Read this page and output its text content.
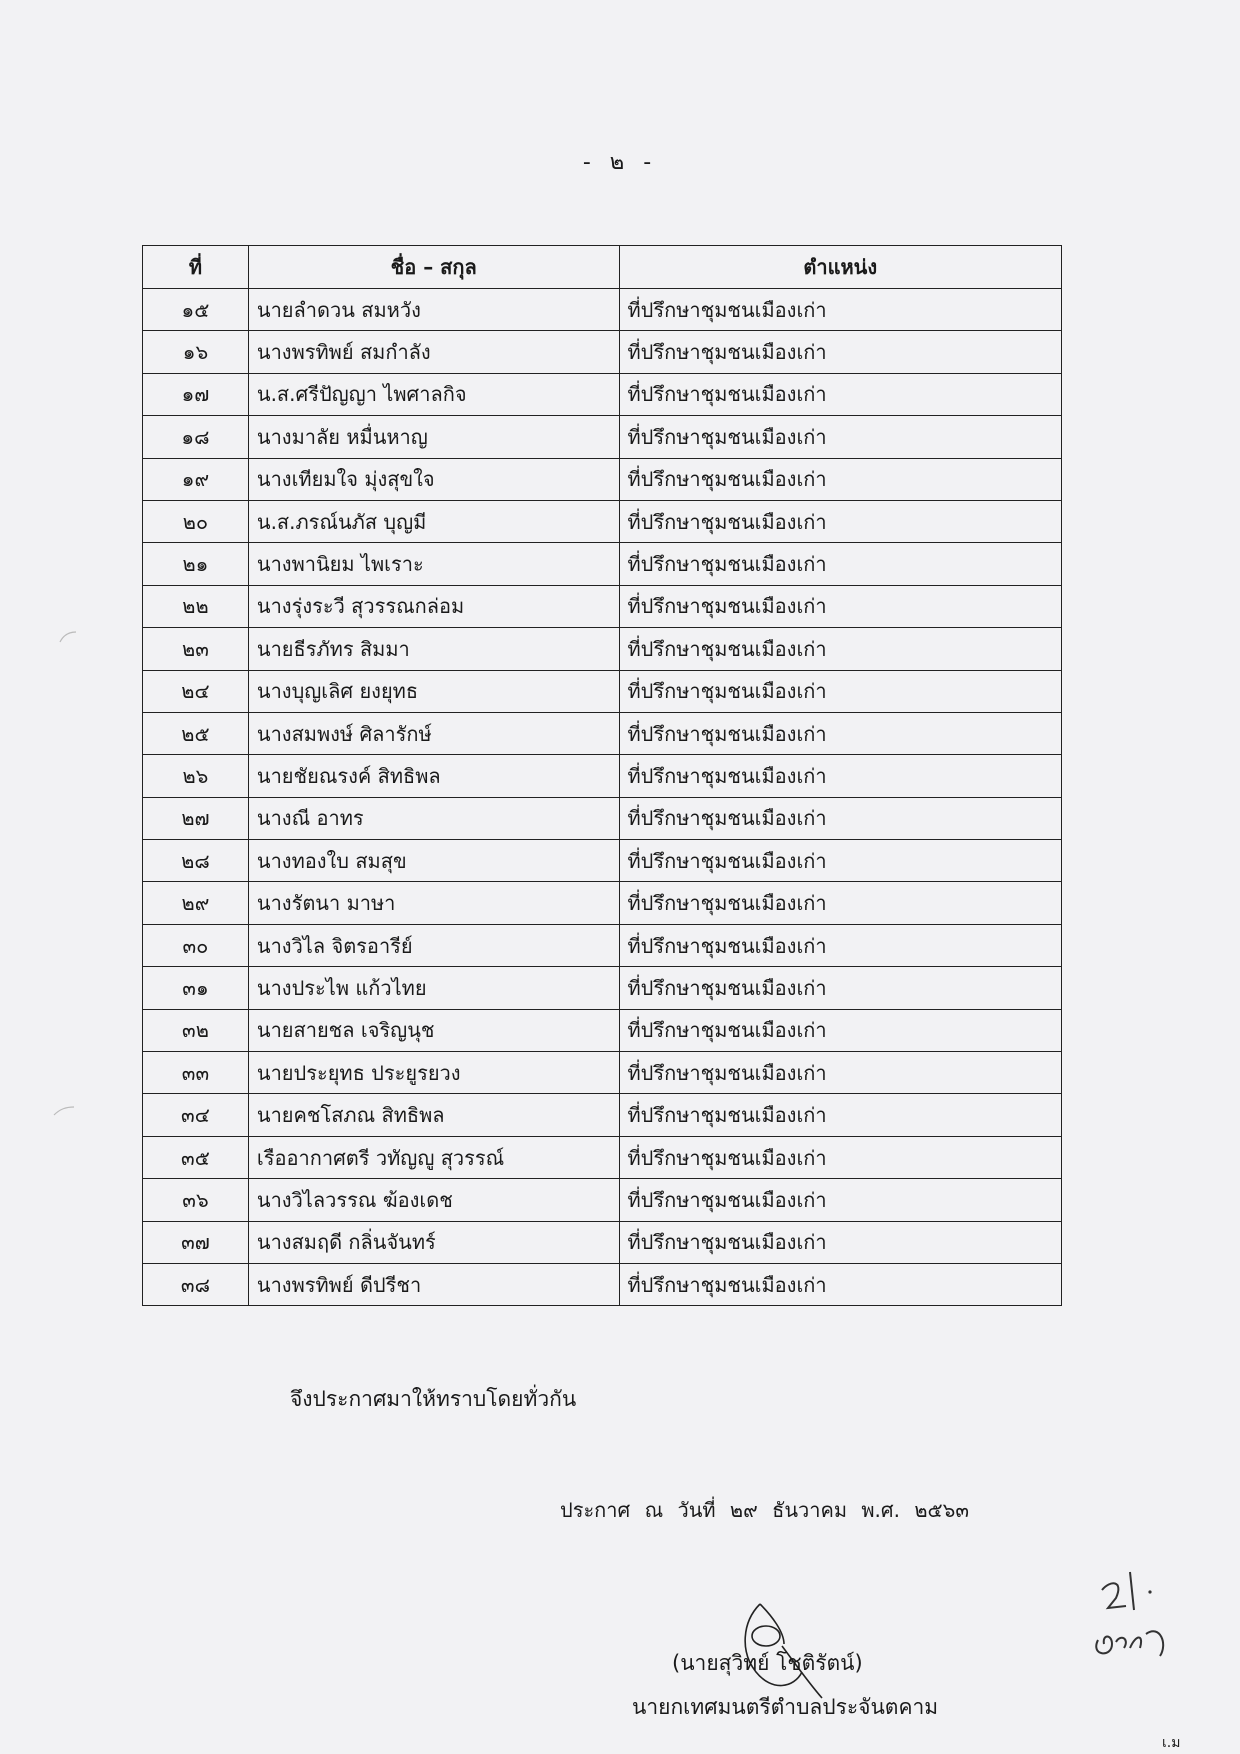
- ๒ -
ที่	ชื่อ – สกุล	ตำแหน่ง
๑๕	นายลำดวน สมหวัง	ที่ปรึกษาชุมชนเมืองเก่า
๑๖	นางพรทิพย์ สมกำลัง	ที่ปรึกษาชุมชนเมืองเก่า
๑๗	น.ส.ศรีปัญญา ไพศาลกิจ	ที่ปรึกษาชุมชนเมืองเก่า
๑๘	นางมาลัย หมื่นหาญ	ที่ปรึกษาชุมชนเมืองเก่า
๑๙	นางเทียมใจ มุ่งสุขใจ	ที่ปรึกษาชุมชนเมืองเก่า
๒๐	น.ส.ภรณ์นภัส บุญมี	ที่ปรึกษาชุมชนเมืองเก่า
๒๑	นางพานิยม ไพเราะ	ที่ปรึกษาชุมชนเมืองเก่า
๒๒	นางรุ่งระวี สุวรรณกล่อม	ที่ปรึกษาชุมชนเมืองเก่า
๒๓	นายธีรภัทร สิมมา	ที่ปรึกษาชุมชนเมืองเก่า
๒๔	นางบุญเลิศ ยงยุทธ	ที่ปรึกษาชุมชนเมืองเก่า
๒๕	นางสมพงษ์ ศิลารักษ์	ที่ปรึกษาชุมชนเมืองเก่า
๒๖	นายชัยณรงค์ สิทธิพล	ที่ปรึกษาชุมชนเมืองเก่า
๒๗	นางณี อาทร	ที่ปรึกษาชุมชนเมืองเก่า
๒๘	นางทองใบ สมสุข	ที่ปรึกษาชุมชนเมืองเก่า
๒๙	นางรัตนา มาษา	ที่ปรึกษาชุมชนเมืองเก่า
๓๐	นางวิไล จิตรอารีย์	ที่ปรึกษาชุมชนเมืองเก่า
๓๑	นางประไพ แก้วไทย	ที่ปรึกษาชุมชนเมืองเก่า
๓๒	นายสายชล เจริญนุช	ที่ปรึกษาชุมชนเมืองเก่า
๓๓	นายประยุทธ ประยูรยวง	ที่ปรึกษาชุมชนเมืองเก่า
๓๔	นายคชโสภณ สิทธิพล	ที่ปรึกษาชุมชนเมืองเก่า
๓๕	เรืออากาศตรี วทัญญู สุวรรณ์	ที่ปรึกษาชุมชนเมืองเก่า
๓๖	นางวิไลวรรณ ฆ้องเดช	ที่ปรึกษาชุมชนเมืองเก่า
๓๗	นางสมฤดี กลิ่นจันทร์	ที่ปรึกษาชุมชนเมืองเก่า
๓๘	นางพรทิพย์ ดีปรีชา	ที่ปรึกษาชุมชนเมืองเก่า
จึงประกาศมาให้ทราบโดยทั่วกัน
ประกาศ ณ วันที่ ๒๙ ธันวาคม พ.ศ. ๒๕๖๓
(นายสุวิทย์ โชติรัตน์)
นายกเทศมนตรีตำบลประจันตคาม
เ.ม
